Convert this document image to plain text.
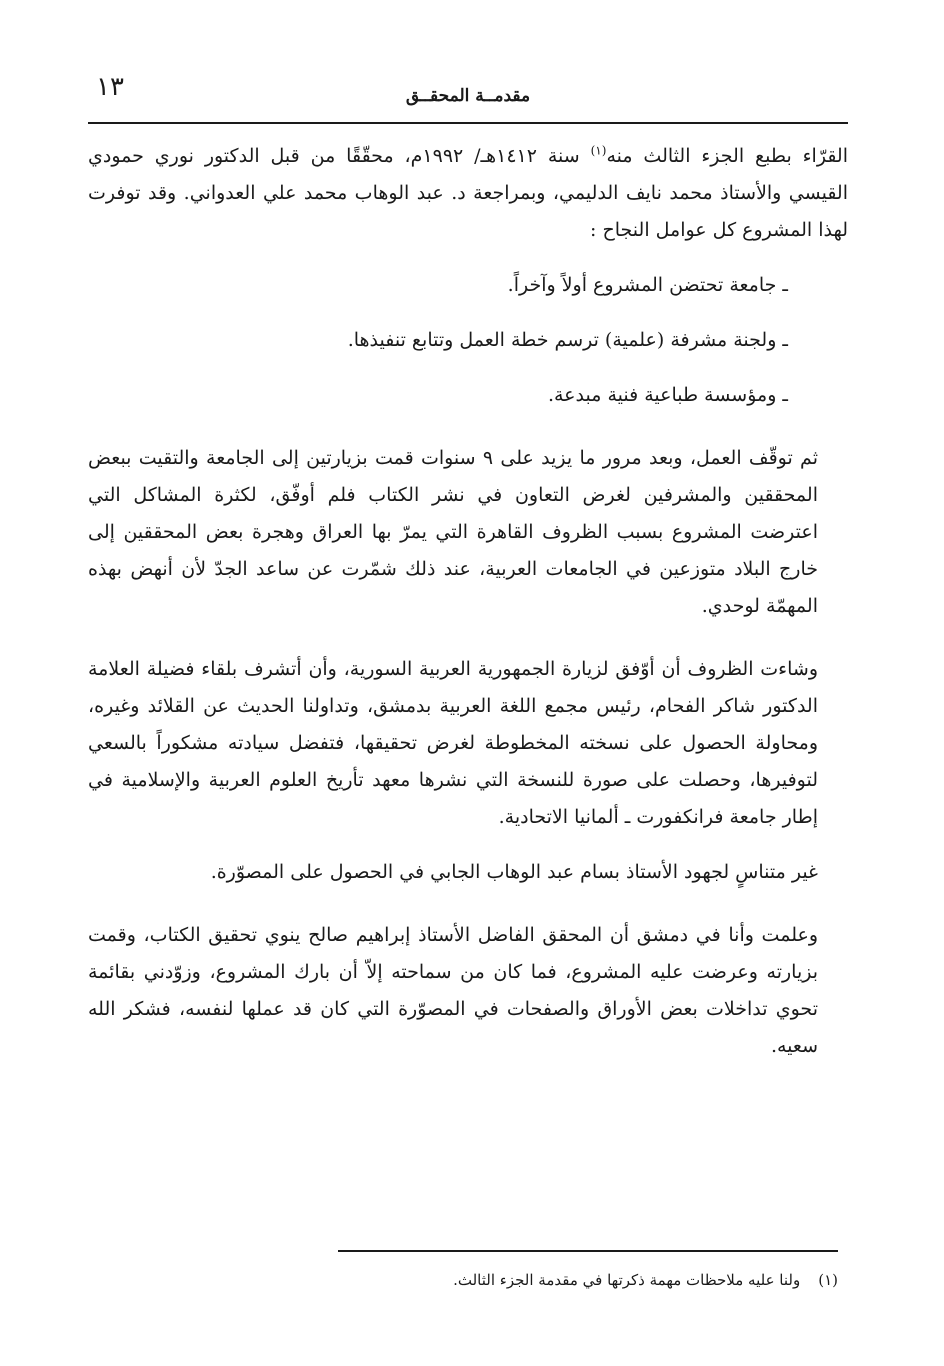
١٣	مقدمــة المحقــق

القرّاء بطبع الجزء الثالث منه$^{(١)}$ سنة ١٤١٢هـ/ ١٩٩٢م، محقّقًا من قبل الدكتور نوري حمودي القيسي والأستاذ محمد نايف الدليمي، وبمراجعة د. عبد الوهاب محمد علي العدواني. وقد توفرت لهذا المشروع كل عوامل النجاح :

ـ جامعة تحتضن المشروع أولاً وآخراً.

ـ ولجنة مشرفة (علمية) ترسم خطة العمل وتتابع تنفيذها.

ـ ومؤسسة طباعية فنية مبدعة.

ثم توقّف العمل، وبعد مرور ما يزيد على ٩ سنوات قمت بزيارتين إلى الجامعة والتقيت ببعض المحققين والمشرفين لغرض التعاون في نشر الكتاب فلم أوفّق، لكثرة المشاكل التي اعترضت المشروع بسبب الظروف القاهرة التي يمرّ بها العراق وهجرة بعض المحققين إلى خارج البلاد متوزعين في الجامعات العربية، عند ذلك شمّرت عن ساعد الجدّ لأن أنهض بهذه المهمّة لوحدي.

وشاءت الظروف أن أوّفق لزيارة الجمهورية العربية السورية، وأن أتشرف بلقاء فضيلة العلامة الدكتور شاكر الفحام، رئيس مجمع اللغة العربية بدمشق، وتداولنا الحديث عن القلائد وغيره، ومحاولة الحصول على نسخته المخطوطة لغرض تحقيقها، فتفضل سيادته مشكوراً بالسعي لتوفيرها، وحصلت على صورة للنسخة التي نشرها معهد تأريخ العلوم العربية والإسلامية في إطار جامعة فرانكفورت ـ ألمانيا الاتحادية.

غير متناسٍ لجهود الأستاذ بسام عبد الوهاب الجابي في الحصول على المصوّرة.

وعلمت وأنا في دمشق أن المحقق الفاضل الأستاذ إبراهيم صالح ينوي تحقيق الكتاب، وقمت بزيارته وعرضت عليه المشروع، فما كان من سماحته إلاّ أن بارك المشروع، وزوّدني بقائمة تحوي تداخلات بعض الأوراق والصفحات في المصوّرة التي كان قد عملها لنفسه، فشكر الله سعيه.

(١)ولنا عليه ملاحظات مهمة ذكرتها في مقدمة الجزء الثالث.
